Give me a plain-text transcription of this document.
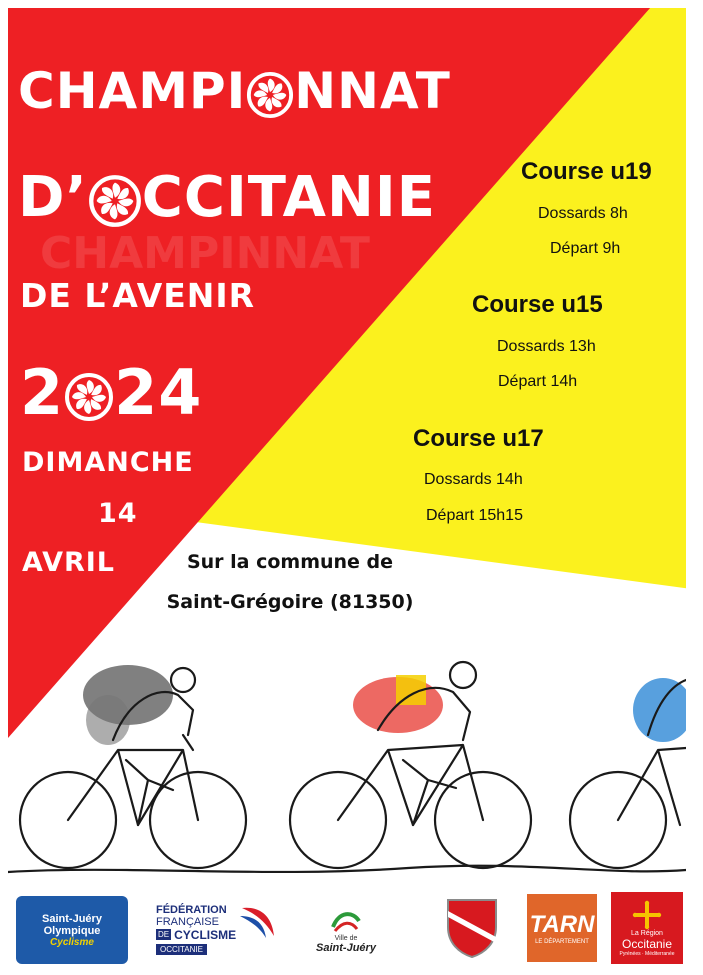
CHAMPINNAT
CHAMPI NNAT
D’ CCITANIE
DE L’AVENIR
2 24
DIMANCHE
14
AVRIL
Course u19
Dossards 8h
Départ 9h
Course u15
Dossards 13h
Départ 14h
Course u17
Dossards 14h
Départ 15h15
Sur la commune de
Saint-Grégoire (81350)
Saint-Juéry
Olympique
Cyclisme
FÉDÉRATION
FRANÇAISE
DE CYCLISME
OCCITANIE
Ville de
Saint-Juéry
TARN
LE DÉPARTEMENT
La Région
Occitanie
Pyrénées · Méditerranée
